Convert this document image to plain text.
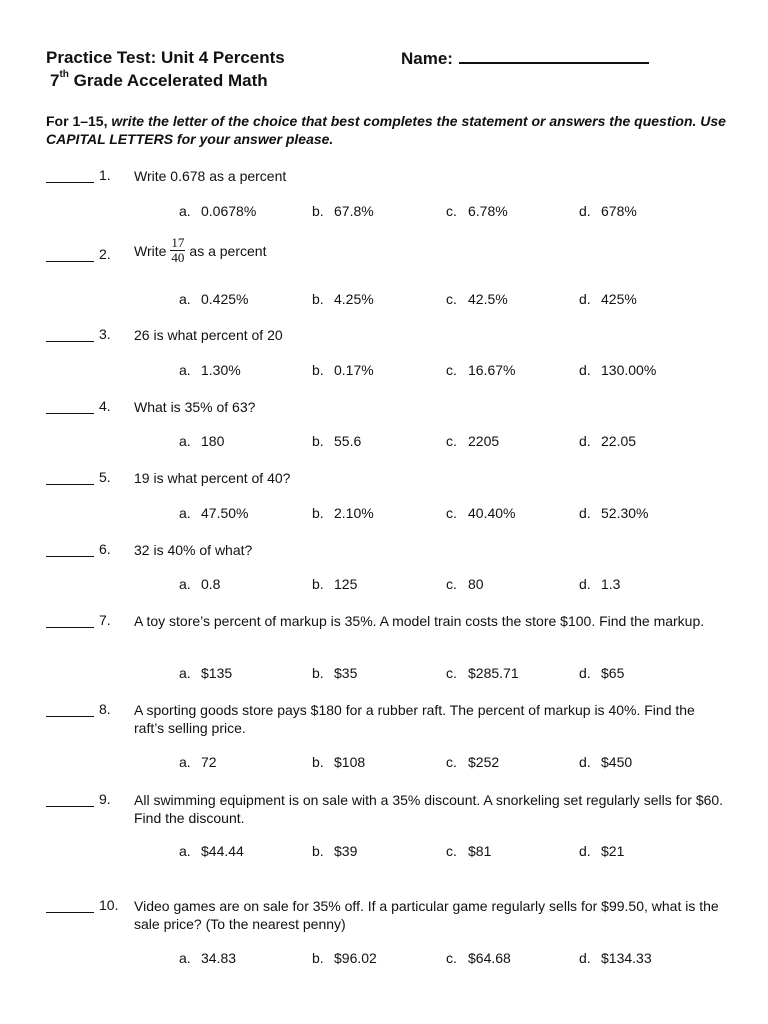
Practice Test: Unit 4 Percents	Name:
7th Grade Accelerated Math
For 1–15, write the letter of the choice that best completes the statement or answers the question. Use CAPITAL LETTERS for your answer please.
1. Write 0.678 as a percent
a. 0.0678%	b. 67.8%	c. 6.78%	d. 678%
2. Write $\frac{17}{40}$ as a percent
a. 0.425%	b. 4.25%	c. 42.5%	d. 425%
3. 26 is what percent of 20
a. 1.30%	b. 0.17%	c. 16.67%	d. 130.00%
4. What is 35% of 63?
a. 180	b. 55.6	c. 2205	d. 22.05
5. 19 is what percent of 40?
a. 47.50%	b. 2.10%	c. 40.40%	d. 52.30%
6. 32 is 40% of what?
a. 0.8	b. 125	c. 80	d. 1.3
7. A toy store’s percent of markup is 35%. A model train costs the store $100. Find the markup.
a. $135	b. $35	c. $285.71	d. $65
8. A sporting goods store pays $180 for a rubber raft. The percent of markup is 40%. Find the raft’s selling price.
a. 72	b. $108	c. $252	d. $450
9. All swimming equipment is on sale with a 35% discount. A snorkeling set regularly sells for $60. Find the discount.
a. $44.44	b. $39	c. $81	d. $21
10. Video games are on sale for 35% off. If a particular game regularly sells for $99.50, what is the sale price? (To the nearest penny)
a. 34.83	b. $96.02	c. $64.68	d. $134.33
